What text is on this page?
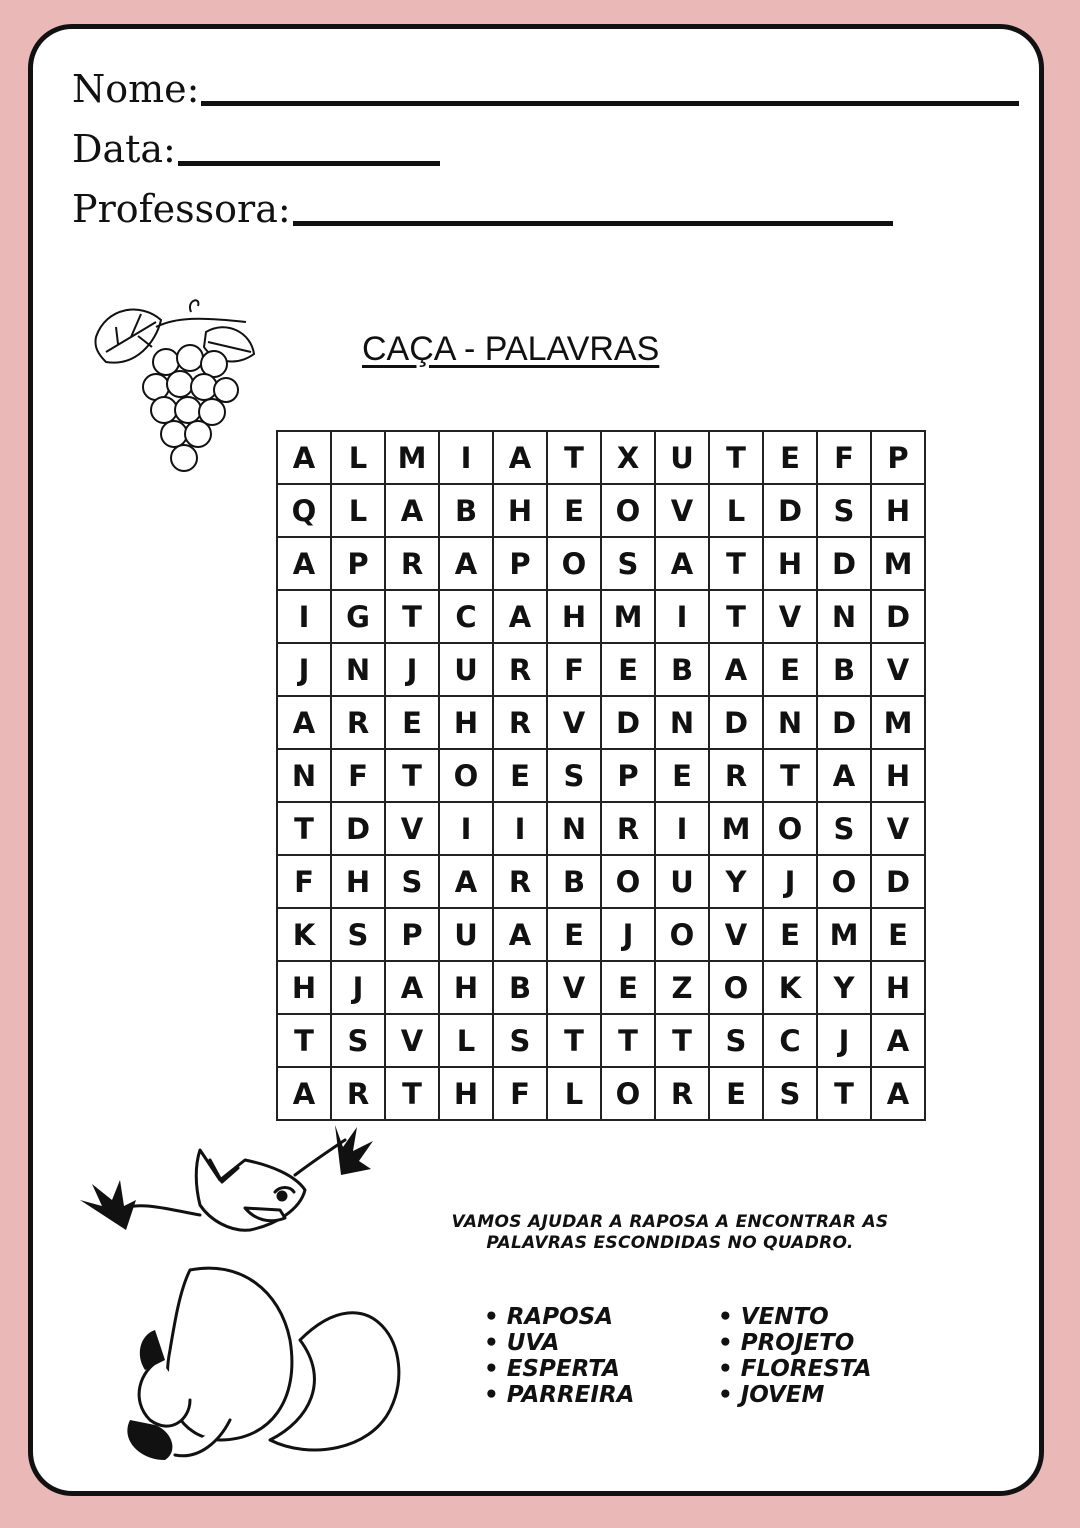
Nome:
Data:
Professora:
CAÇA - PALAVRAS
A	L	M	I	A	T	X	U	T	E	F	P
Q	L	A	B	H	E	O	V	L	D	S	H
A	P	R	A	P	O	S	A	T	H	D	M
I	G	T	C	A	H	M	I	T	V	N	D
J	N	J	U	R	F	E	B	A	E	B	V
A	R	E	H	R	V	D	N	D	N	D	M
N	F	T	O	E	S	P	E	R	T	A	H
T	D	V	I	I	N	R	I	M	O	S	V
F	H	S	A	R	B	O	U	Y	J	O	D
K	S	P	U	A	E	J	O	V	E	M	E
H	J	A	H	B	V	E	Z	O	K	Y	H
T	S	V	L	S	T	T	T	S	C	J	A
A	R	T	H	F	L	O	R	E	S	T	A
VAMOS AJUDAR A RAPOSA A ENCONTRAR AS
PALAVRAS ESCONDIDAS NO QUADRO.
• RAPOSA
• UVA
• ESPERTA
• PARREIRA
• VENTO
• PROJETO
• FLORESTA
• JOVEM
